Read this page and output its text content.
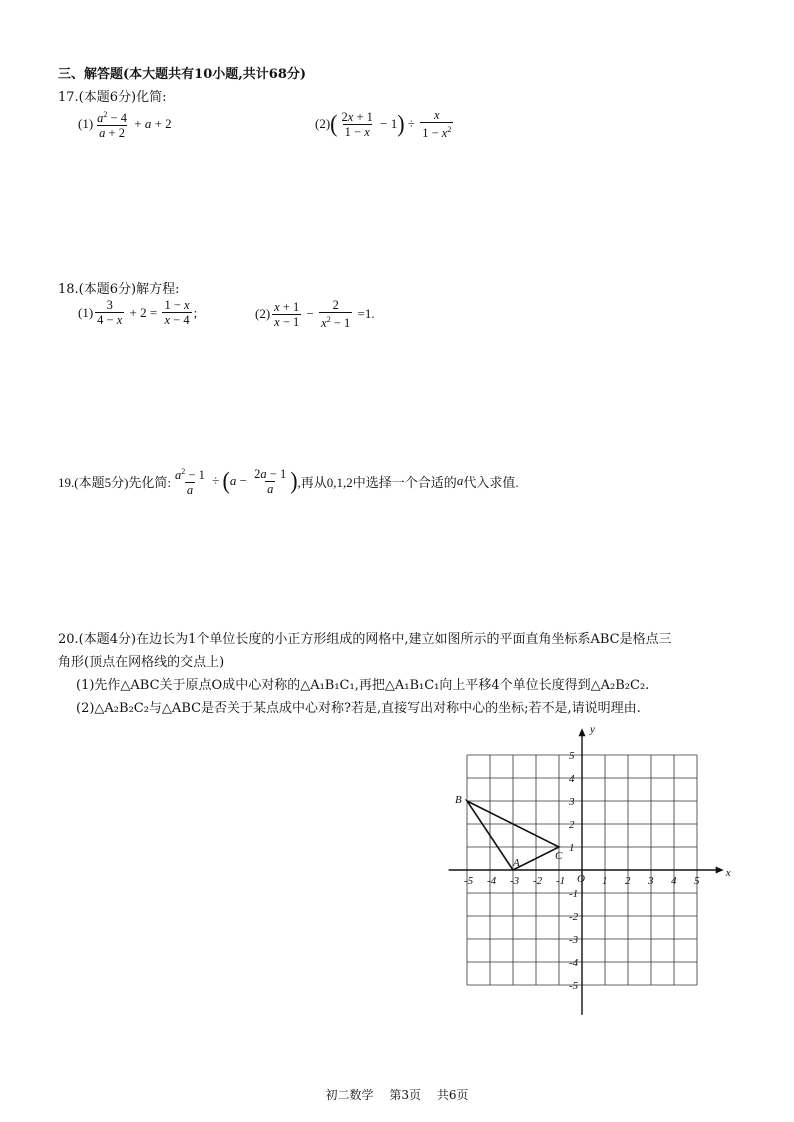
三、解答题(本大题共有10小题,共计68分)
17.(本题6分)化简:
$(1) \frac{a^2 - 4}{a + 2} + a + 2$	(2) ( $\frac{2x + 1}{1 - x} - 1$ ) ÷ $\frac{x}{1 - x^2}$
18.(本题6分)解方程:
$(1) \frac{3}{4 - x} + 2 = \frac{1 - x}{x - 4}$ ;	$(2) \frac{x + 1}{x - 1} - \frac{2}{x^2 - 1}$
=1.
19.(本题5分)先化简: $\frac{a^2 - 1}{a}$ ÷ ( $a - \frac{2a - 1}{a}$ ) ,再从0,1,2中选择一个合适的 a 代入求值.
20.(本题4分)在边长为1个单位长度的小正方形组成的网格中,建立如图所示的平面直角坐标系ABC是格点三
角形(顶点在网格线的交点上)
(1)先作△ABC关于原点O成中心对称的△A₁B₁C₁,再把△A₁B₁C₁向上平移4个单位长度得到△A₂B₂C₂.
(2)△A₂B₂C₂与△ABC是否关于某点成中心对称?若是,直接写出对称中心的坐标;若不是,请说明理由.
x
y
O
-5 -4 -3 -2 -1	1 2 3 4 5
5
4
3
2
1
-1
-2
-3
-4
-5
A
B
C
初二数学 第3页 共6页
